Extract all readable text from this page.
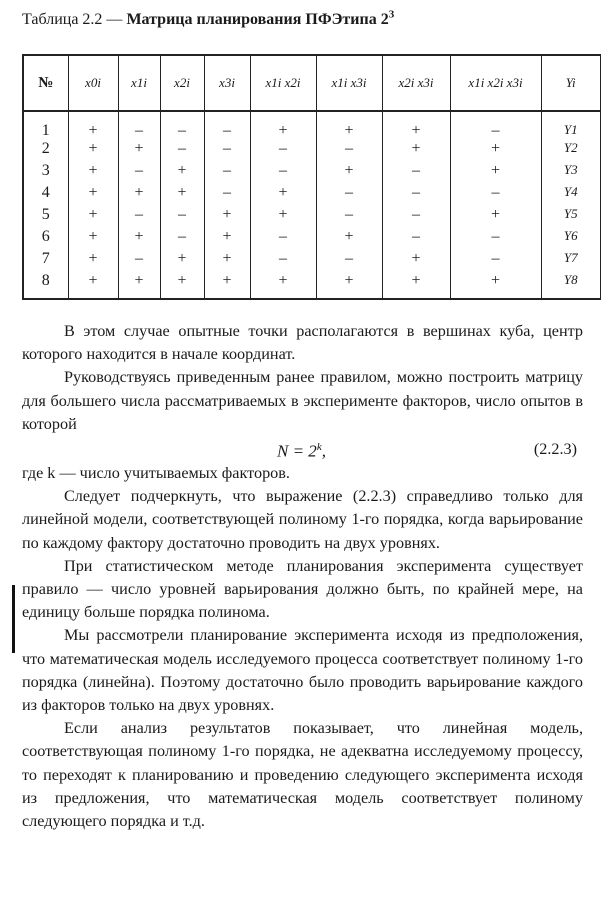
Таблица 2.2 — Матрица планирования ПФЭтипа $2^3$
№	x0i	x1i	x2i	x3i	x1i x2i	x1i x3i	x2i x3i	x1i x2i x3i	Yi
1	+	–	–	–	+	+	+	–	Y1
2	+	+	–	–	–	–	+	+	Y2
3	+	–	+	–	–	+	–	+	Y3
4	+	+	+	–	+	–	–	–	Y4
5	+	–	–	+	+	–	–	+	Y5
6	+	+	–	+	–	+	–	–	Y6
7	+	–	+	+	–	–	+	–	Y7
8	+	+	+	+	+	+	+	+	Y8

В этом случае опытные точки располагаются в вершинах куба, центр которого находится в начале координат.

Руководствуясь приведенным ранее правилом, можно построить матрицу для большего числа рассматриваемых в эксперименте факторов, число опытов в которой

$N = 2^k$,	(2.2.3)

где k — число учитываемых факторов.

Следует подчеркнуть, что выражение (2.2.3) справедливо только для линейной модели, соответствующей полиному 1-го порядка, когда варьирование по каждому фактору достаточно проводить на двух уровнях.

При статистическом методе планирования эксперимента существует правило — число уровней варьирования должно быть, по крайней мере, на единицу больше порядка полинома.

Мы рассмотрели планирование эксперимента исходя из предположения, что математическая модель исследуемого процесса соответствует полиному 1-го порядка (линейна). Поэтому достаточно было проводить варьирование каждого из факторов только на двух уровнях.

Если анализ результатов показывает, что линейная модель, соответствующая полиному 1-го порядка, не адекватна исследуемому процессу, то переходят к планированию и проведению следующего эксперимента исходя из предложения, что математическая модель соответствует полиному следующего порядка и т.д.
